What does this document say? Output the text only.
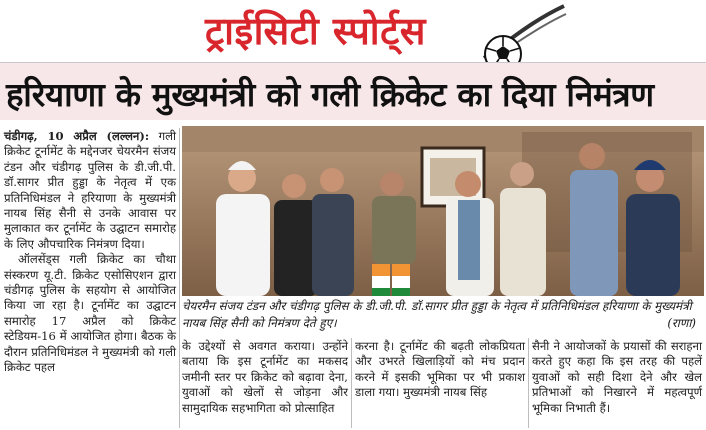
ट्राईसिटी स्पोर्ट्स
हरियाणा के मुख्यमंत्री को गली क्रिकेट का दिया निमंत्रण

चंडीगढ़, 10 अप्रैल (लल्लन): गली क्रिकेट टूर्नामेंट के मद्देनजर चेयरमैन संजय टंडन और चंडीगढ़ पुलिस के डी.जी.पी. डॉ.सागर प्रीत हुड्डा के नेतृत्व में एक प्रतिनिधिमंडल ने हरियाणा के मुख्यमंत्री नायब सिंह सैनी से उनके आवास पर मुलाकात कर टूर्नामेंट के उद्घाटन समारोह के लिए औपचारिक निमंत्रण दिया।

ऑलसेंड्स गली क्रिकेट का चौथा संस्करण यू.टी. क्रिकेट एसोसिएशन द्वारा चंडीगढ़ पुलिस के सहयोग से आयोजित किया जा रहा है। टूर्नामेंट का उद्घाटन समारोह 17 अप्रैल को क्रिकेट स्टेडियम-16 में आयोजित होगा। बैठक के दौरान प्रतिनिधिमंडल ने मुख्यमंत्री को गली क्रिकेट पहल

चेयरमैन संजय टंडन और चंडीगढ़ पुलिस के डी.जी.पी. डॉ.सागर प्रीत हुड्डा के नेतृत्व में प्रतिनिधिमंडल हरियाणा के मुख्यमंत्री नायब सिंह सैनी को निमंत्रण देते हुए।	(राणा)

के उद्देश्यों से अवगत कराया। उन्होंने बताया कि इस टूर्नामेंट का मकसद जमीनी स्तर पर क्रिकेट को बढ़ावा देना, युवाओं को खेलों से जोड़ना और सामुदायिक सहभागिता को प्रोत्साहित

करना है। टूर्नामेंट की बढ़ती लोकप्रियता और उभरते खिलाड़ियों को मंच प्रदान करने में इसकी भूमिका पर भी प्रकाश डाला गया। मुख्यमंत्री नायब सिंह

सैनी ने आयोजकों के प्रयासों की सराहना करते हुए कहा कि इस तरह की पहलें युवाओं को सही दिशा देने और खेल प्रतिभाओं को निखारने में महत्वपूर्ण भूमिका निभाती हैं।
